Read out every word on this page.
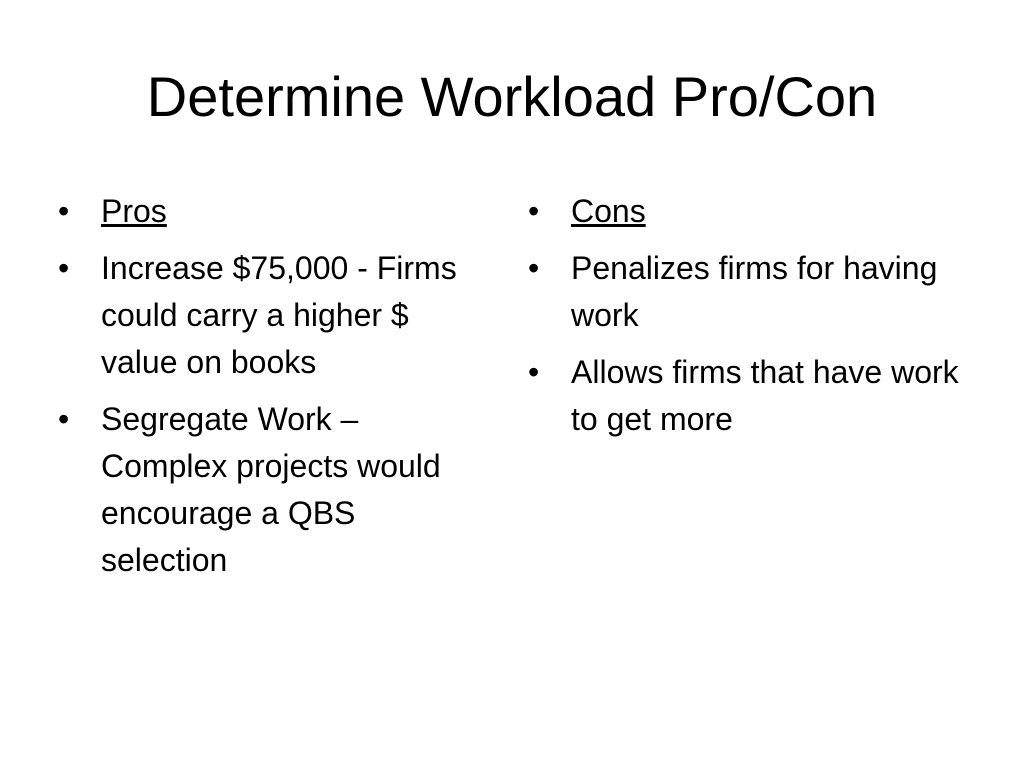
Determine Workload Pro/Con
• Pros
• Increase $75,000 - Firms could carry a higher $ value on books
• Segregate Work – Complex projects would encourage a QBS selection
• Cons
• Penalizes firms for having work
• Allows firms that have work to get more
